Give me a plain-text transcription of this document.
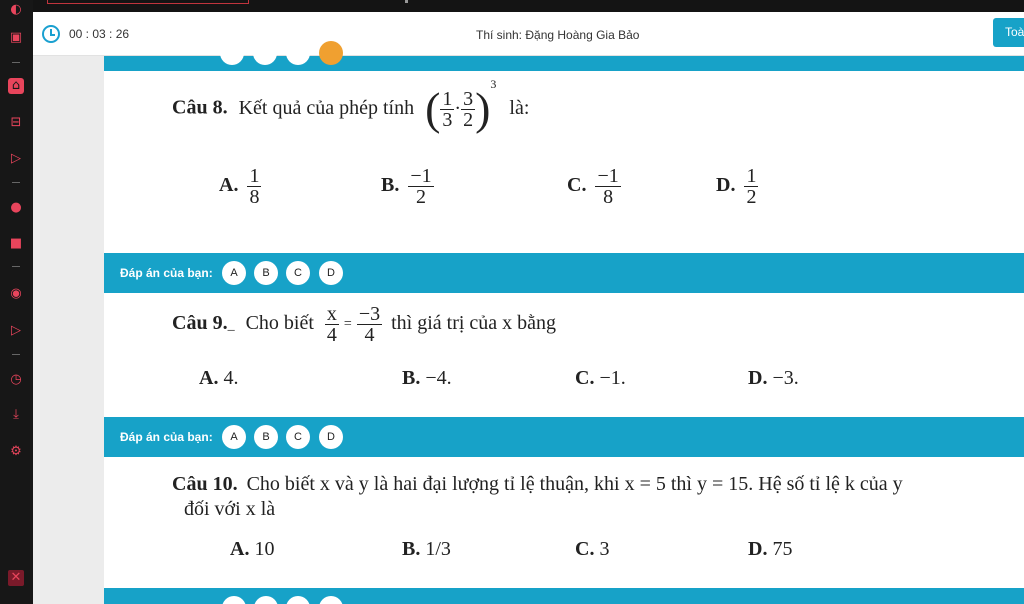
◐
▣
⌂
⊟
▷
●
■
◉
▷
◷
⤓
⚙
✕
00 : 03 : 26	Thí sinh: Đặng Hoàng Gia Bảo	Toà
Câu 8. Kết quả của phép tính ( $\frac{1}{3} \cdot \frac{3}{2} )^3$ là:
A. $\frac{1}{8}$	B. $\frac{-1}{2}$	C. $\frac{-1}{8}$	D. $\frac{1}{2}$
Đáp án của bạn:	A	B	C	D
Câu 9._ Cho biết $\frac{x}{4} = \frac{-3}{4}$ thì giá trị của x bằng
A. 4.	B. −4.	C. −1.	D. −3.
Đáp án của bạn:	A	B	C	D
Câu 10. Cho biết x và y là hai đại lượng tỉ lệ thuận, khi x = 5 thì y = 15. Hệ số tỉ lệ k của y
đối với x là
A. 10	B. 1/3	C. 3	D. 75
